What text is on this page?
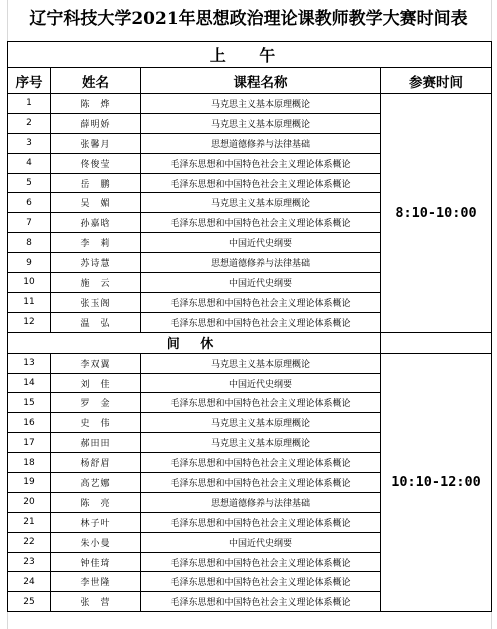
辽宁科技大学2021年思想政治理论课教师教学大赛时间表
上 午			
序号	姓名	课程名称	参赛时间
1	陈　烨	马克思主义基本原理概论	8:10-10:00
2	薛明娇	马克思主义基本原理概论	
3	张馨月	思想道德修养与法律基础	
4	佟俊莹	毛泽东思想和中国特色社会主义理论体系概论	
5	岳　鹏	毛泽东思想和中国特色社会主义理论体系概论	
6	吴　媚	马克思主义基本原理概论	
7	孙嘉晗	毛泽东思想和中国特色社会主义理论体系概论	
8	李　莉	中国近代史纲要	
9	苏诗慧	思想道德修养与法律基础	
10	施　云	中国近代史纲要	
11	张玉阁	毛泽东思想和中国特色社会主义理论体系概论	
12	温　弘	毛泽东思想和中国特色社会主义理论体系概论	
间 休			
13	李双翼	马克思主义基本原理概论	10:10-12:00
14	刘　佳	中国近代史纲要	
15	罗　金	毛泽东思想和中国特色社会主义理论体系概论	
16	史　伟	马克思主义基本原理概论	
17	郝田田	马克思主义基本原理概论	
18	杨舒眉	毛泽东思想和中国特色社会主义理论体系概论	
19	高艺娜	毛泽东思想和中国特色社会主义理论体系概论	
20	陈　亮	思想道德修养与法律基础	
21	林子叶	毛泽东思想和中国特色社会主义理论体系概论	
22	朱小曼	中国近代史纲要	
23	钟佳琦	毛泽东思想和中国特色社会主义理论体系概论	
24	李世隆	毛泽东思想和中国特色社会主义理论体系概论	
25	张　营	毛泽东思想和中国特色社会主义理论体系概论	
